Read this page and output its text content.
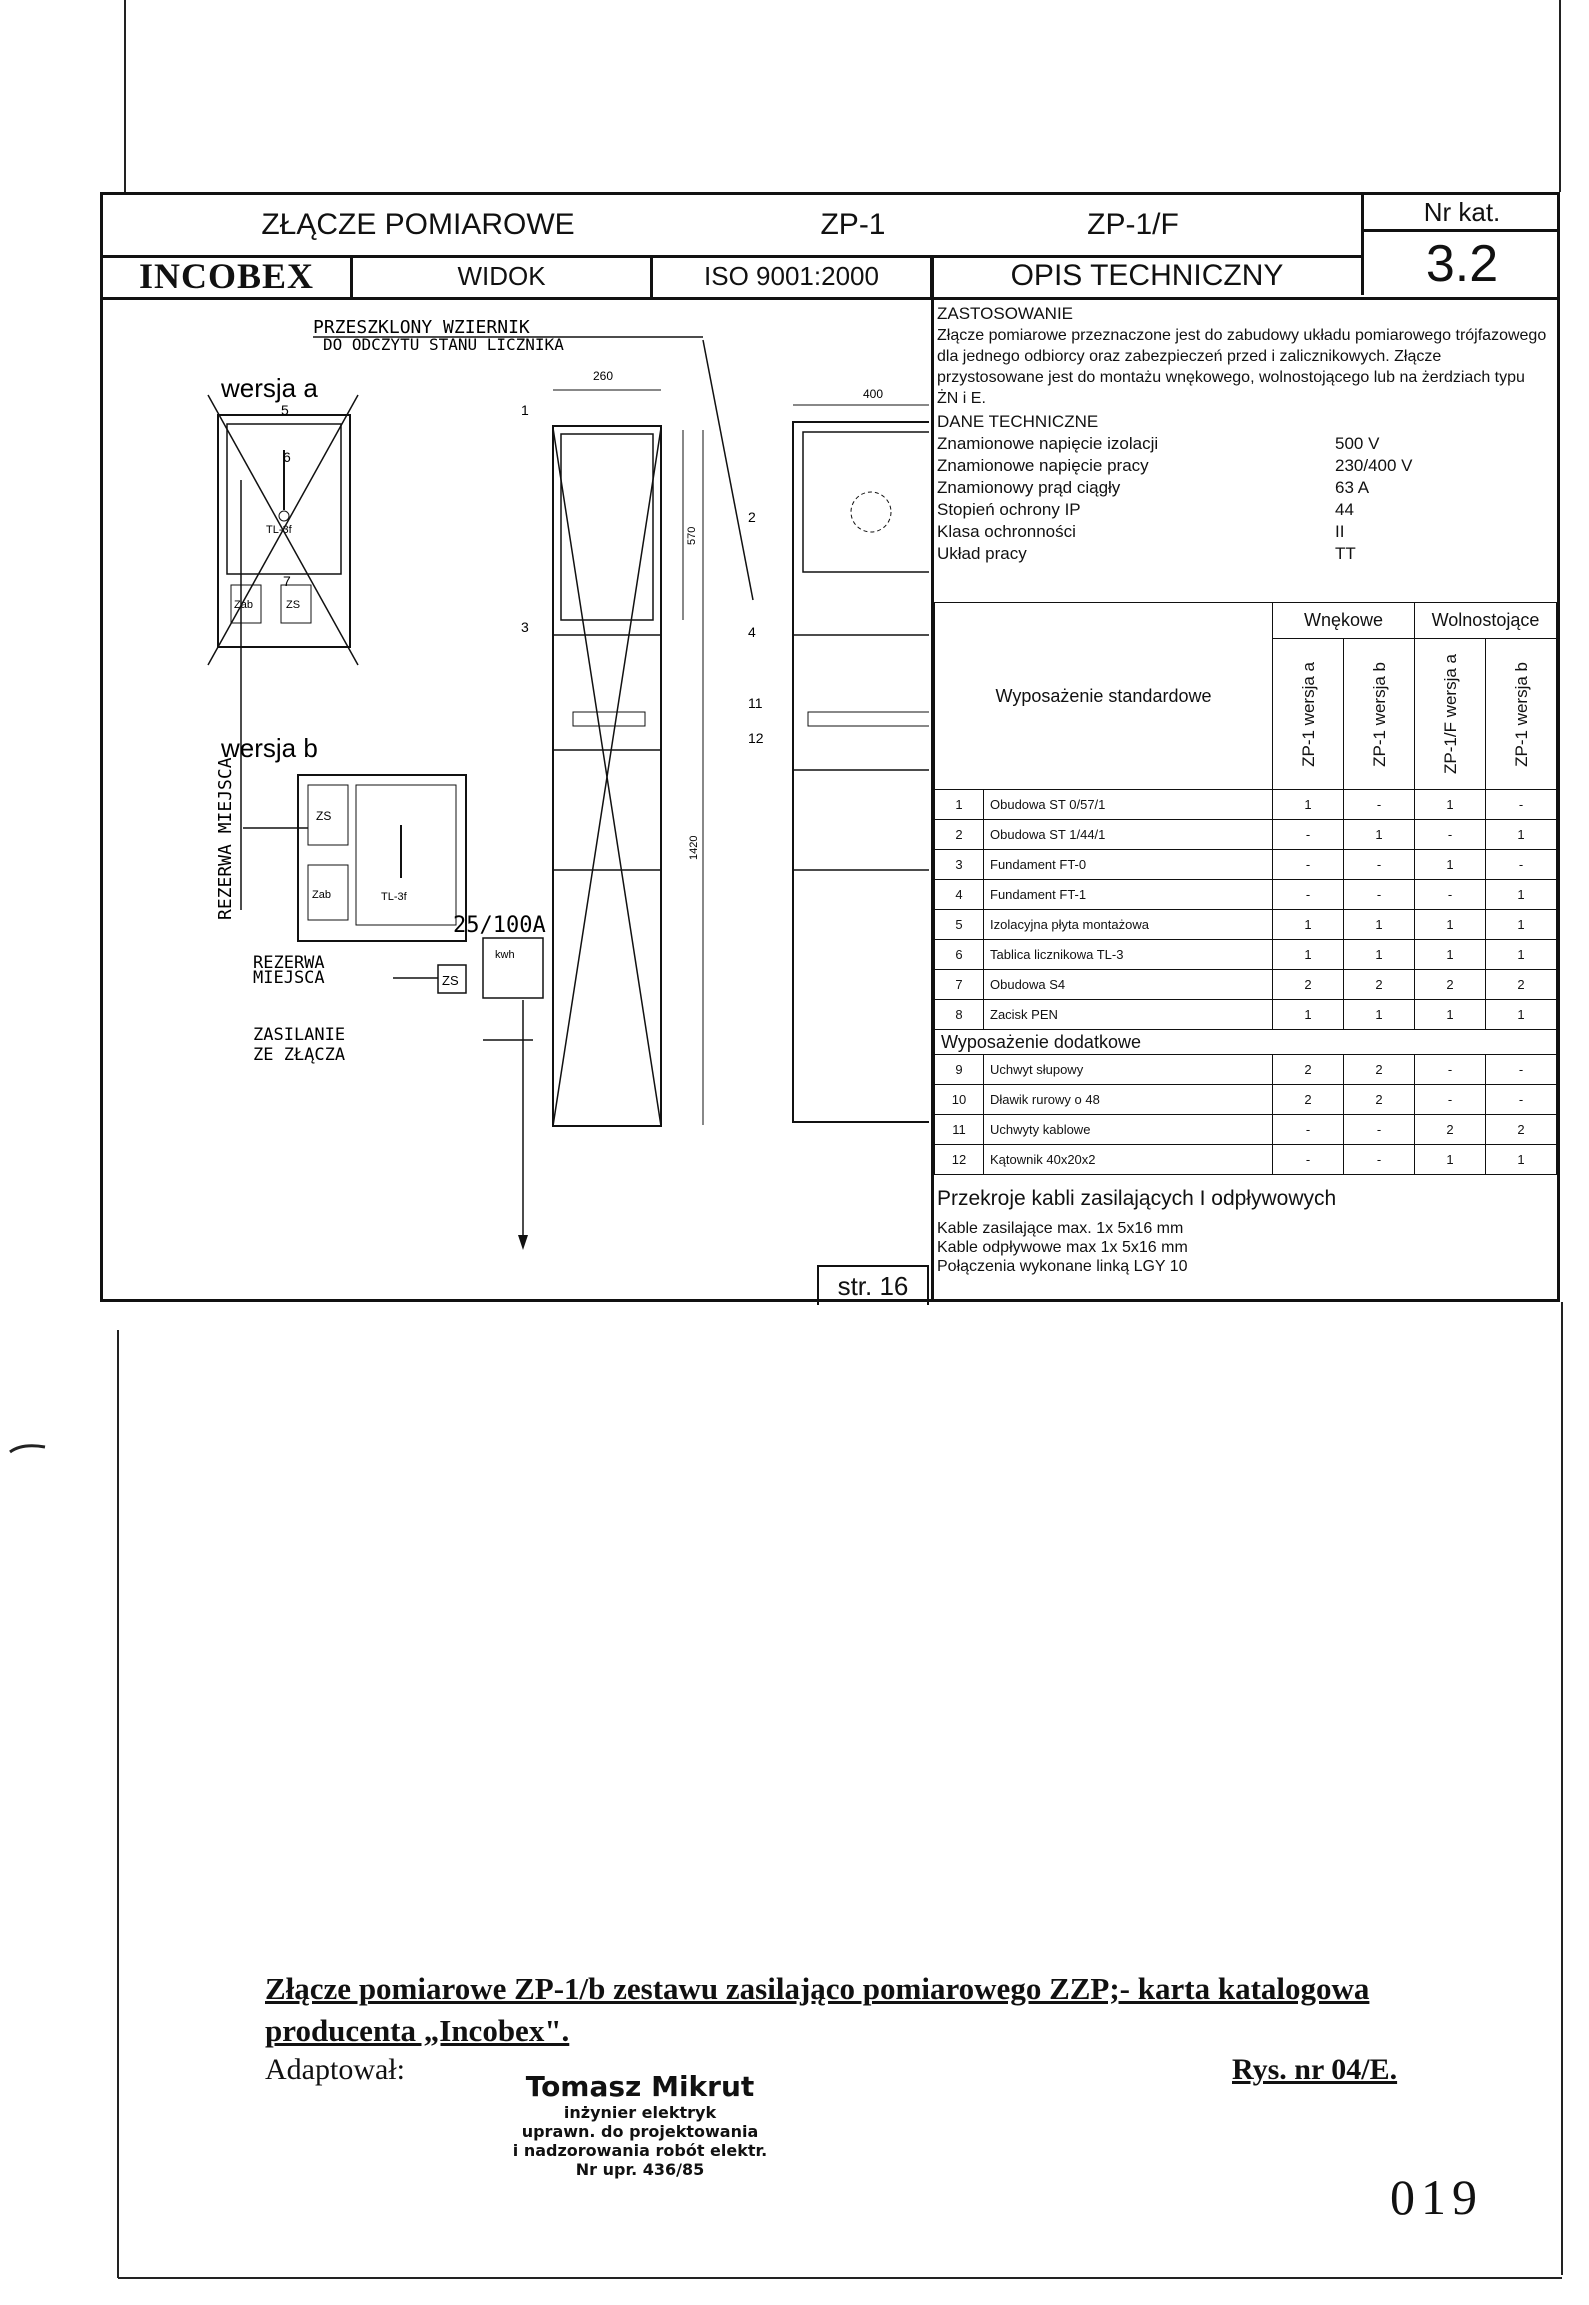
ZŁĄCZE POMIAROWE	ZP-1	ZP-1/F
INCOBEX	WIDOK	ISO 9001:2000	OPIS TECHNICZNY
Nr kat.
3.2
ZASTOSOWANIE
Złącze pomiarowe przeznaczone jest do zabudowy układu pomiarowego trójfazowego dla jednego odbiorcy oraz zabezpieczeń przed i zalicznikowych. Złącze przystosowane jest do montażu wnękowego, wolnostojącego lub na żerdziach typu ŻN i E.
DANE TECHNICZNE
Znamionowe napięcie izolacji	500 V
Znamionowe napięcie pracy	230/400 V
Znamionowy prąd ciągły	63 A
Stopień ochrony IP	44
Klasa ochronności	II
Układ pracy	TT
Wyposażenie standardowe		Wnękowe		Wolnostojące	

		ZP-1 wersja a	ZP-1 wersja b	ZP-1/F wersja a	ZP-1 wersja b

1	Obudowa ST 0/57/1	1	-	1	-
2	Obudowa ST 1/44/1	-	1	-	1
3	Fundament FT-0	-	-	1	-
4	Fundament FT-1	-	-	-	1
5	Izolacyjna płyta montażowa	1	1	1	1
6	Tablica licznikowa TL-3	1	1	1	1
7	Obudowa S4	2	2	2	2
8	Zacisk PEN	1	1	1	1
Wyposażenie dodatkowe					
9	Uchwyt słupowy	2	2	-	-
10	Dławik rurowy o 48	2	2	-	-
11	Uchwyty kablowe	-	-	2	2
12	Kątownik 40x20x2	-	-	1	1
Przekroje kabli zasilających I odpływowych
Kable zasilające max. 1x 5x16 mm
Kable odpływowe max 1x 5x16 mm
Połączenia wykonane linką LGY 10
str. 16
PRZESZKLONY WZIERNIK
DO ODCZYTU STANU LICZNIKA
wersja a
TL-3f
Zab	ZS
REZERWA MIEJSCA
wersja b
ZS
Zab	TL-3f
5
6
7
1
3
2
4
11
12
260
570
1420
400
25/100A
kwh
ZS
REZERWA
MIEJSCA
ZASILANIE
ZE ZŁĄCZA
Złącze pomiarowe ZP-1/b zestawu zasilająco pomiarowego ZZP;- karta katalogowa
producenta „Incobex".
Adaptował:
Tomasz Mikrut
inżynier elektryk
uprawn. do projektowania
i nadzorowania robót elektr.
Nr upr. 436/85
Rys. nr 04/E.
019
